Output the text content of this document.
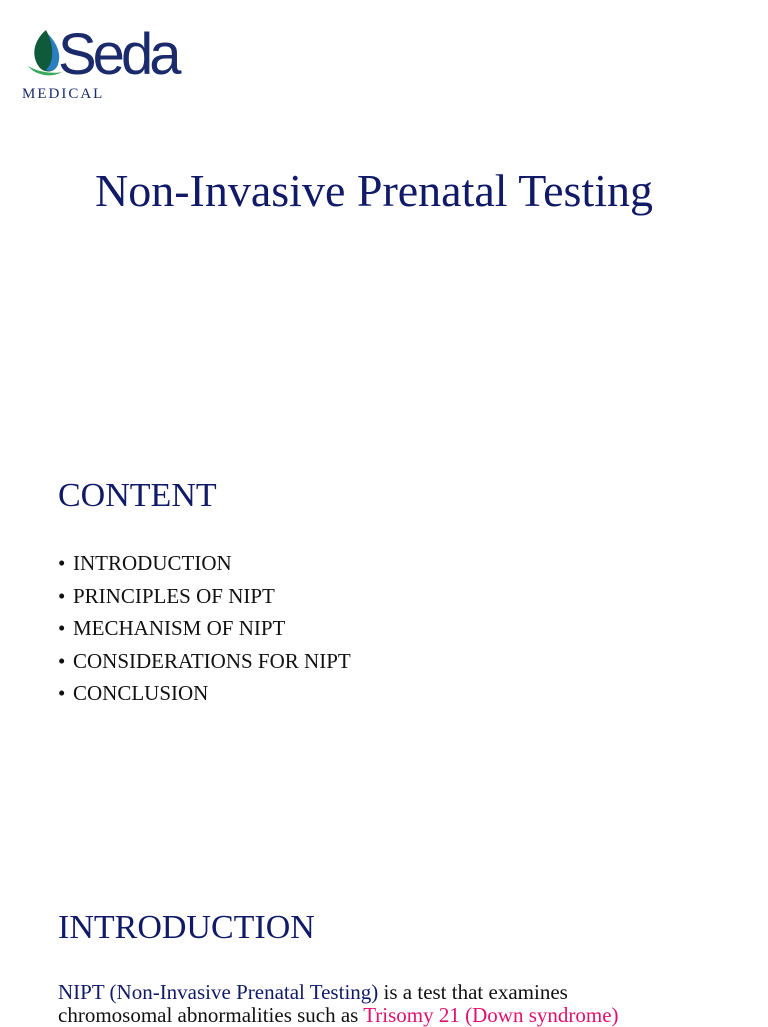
Seda
MEDICAL
Non-Invasive Prenatal Testing
CONTENT
• INTRODUCTION
• PRINCIPLES OF NIPT
• MECHANISM OF NIPT
• CONSIDERATIONS FOR NIPT
• CONCLUSION
INTRODUCTION
NIPT (Non-Invasive Prenatal Testing) is a test that examines
chromosomal abnormalities such as Trisomy 21 (Down syndrome)
